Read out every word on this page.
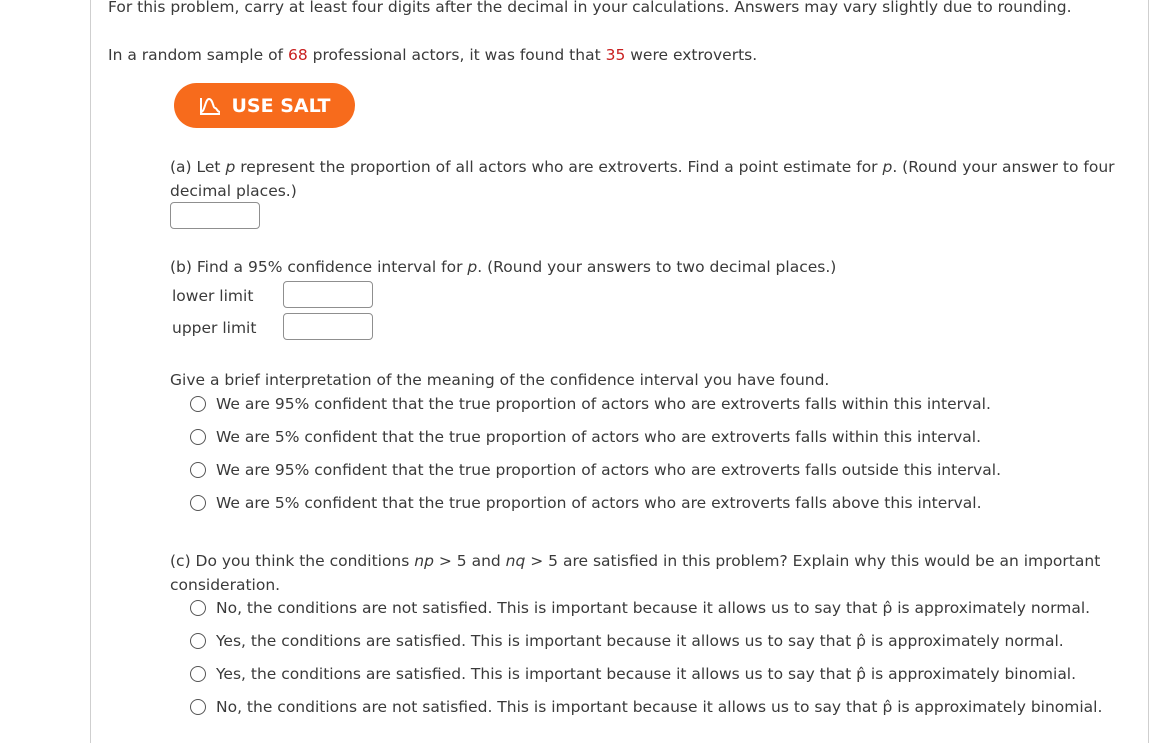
For this problem, carry at least four digits after the decimal in your calculations. Answers may vary slightly due to rounding.
In a random sample of 68 professional actors, it was found that 35 were extroverts.
USE SALT
(a) Let p represent the proportion of all actors who are extroverts. Find a point estimate for p. (Round your answer to four decimal places.)
(b) Find a 95% confidence interval for p. (Round your answers to two decimal places.)
lower limit
upper limit
Give a brief interpretation of the meaning of the confidence interval you have found.
We are 95% confident that the true proportion of actors who are extroverts falls within this interval.
We are 5% confident that the true proportion of actors who are extroverts falls within this interval.
We are 95% confident that the true proportion of actors who are extroverts falls outside this interval.
We are 5% confident that the true proportion of actors who are extroverts falls above this interval.
(c) Do you think the conditions np > 5 and nq > 5 are satisfied in this problem? Explain why this would be an important consideration.
No, the conditions are not satisfied. This is important because it allows us to say that p̂ is approximately normal.
Yes, the conditions are satisfied. This is important because it allows us to say that p̂ is approximately normal.
Yes, the conditions are satisfied. This is important because it allows us to say that p̂ is approximately binomial.
No, the conditions are not satisfied. This is important because it allows us to say that p̂ is approximately binomial.
